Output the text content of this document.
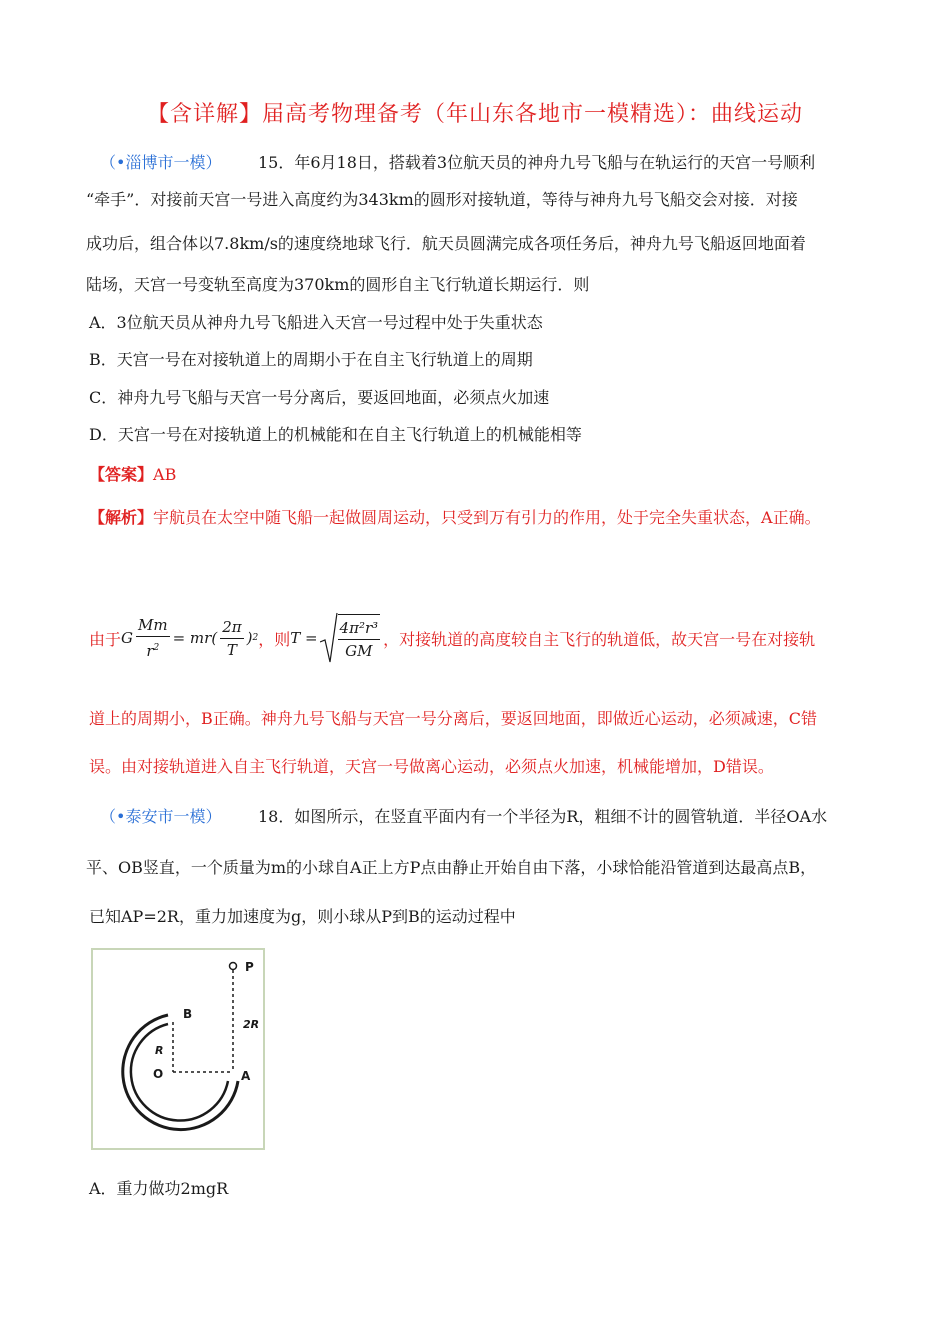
【含详解】届高考物理备考（年山东各地市一模精选）：曲线运动
（•淄博市一模） 15．年6月18日，搭载着3位航天员的神舟九号飞船与在轨运行的天宫一号顺利
“牵手”．对接前天宫一号进入高度约为343km的圆形对接轨道，等待与神舟九号飞船交会对接．对接
成功后，组合体以7.8km/s的速度绕地球飞行．航天员圆满完成各项任务后，神舟九号飞船返回地面着
陆场，天宫一号变轨至高度为370km的圆形自主飞行轨道长期运行．则
A．3位航天员从神舟九号飞船进入天宫一号过程中处于失重状态
B．天宫一号在对接轨道上的周期小于在自主飞行轨道上的周期
C．神舟九号飞船与天宫一号分离后，要返回地面，必须点火加速
D．天宫一号在对接轨道上的机械能和在自主飞行轨道上的机械能相等
【答案】AB
【解析】宇航员在太空中随飞船一起做圆周运动，只受到万有引力的作用，处于完全失重状态，A正确。
由于 G $\frac{Mm}{r^2} = mr( \frac{2\pi}{T}$ ) 2 ，则 $T = \frac{\text{4π²r³}}{GM}$ ，对接轨道的高度较自主飞行的轨道低，故天宫一号在对接轨
道上的周期小，B正确。神舟九号飞船与天宫一号分离后，要返回地面，即做近心运动，必须减速，C错
误。由对接轨道进入自主飞行轨道，天宫一号做离心运动，必须点火加速，机械能增加，D错误。
（•泰安市一模） 18．如图所示，在竖直平面内有一个半径为R，粗细不计的圆管轨道．半径OA水
平、OB竖直，一个质量为m的小球自A正上方P点由静止开始自由下落，小球恰能沿管道到达最高点B，
已知AP=2R，重力加速度为g，则小球从P到B的运动过程中
P
2R
B
R
O	A
A．重力做功2mgR
